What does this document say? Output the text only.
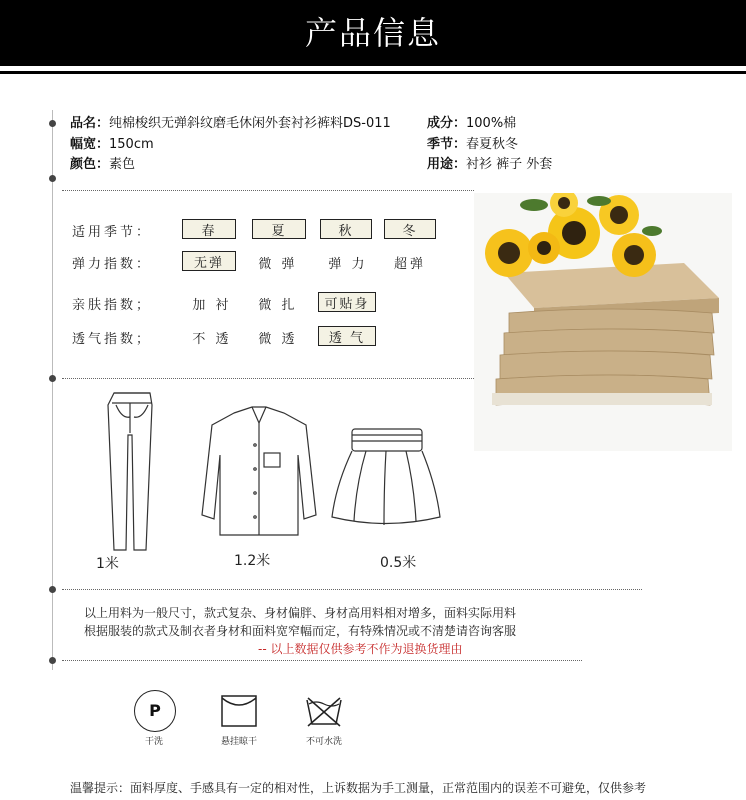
产品信息
品名：纯棉梭织无弹斜纹磨毛休闲外套衬衫裤料DS-011
幅宽：150cm
颜色：素色
成分：100%棉
季节：春夏秋冬
用途：衬衫 裤子 外套
适用季节：	春	夏	秋	冬
弹力指数：	无弹	微 弹	弹 力	超弹
亲肤指数；	加 衬	微 扎	可贴身
透气指数；	不 透	微 透	透 气
1米	1.2米	0.5米
以上用料为一般尺寸，款式复杂、身材偏胖、身材高用料相对增多，面料实际用料
根据服装的款式及制衣者身材和面料宽窄幅而定，有特殊情况或不清楚请咨询客服
-- 以上数据仅供参考不作为退换货理由
P
干洗	悬挂晾干	不可水洗
温馨提示：面料厚度、手感具有一定的相对性，上诉数据为手工测量，正常范围内的误差不可避免，仅供参考
